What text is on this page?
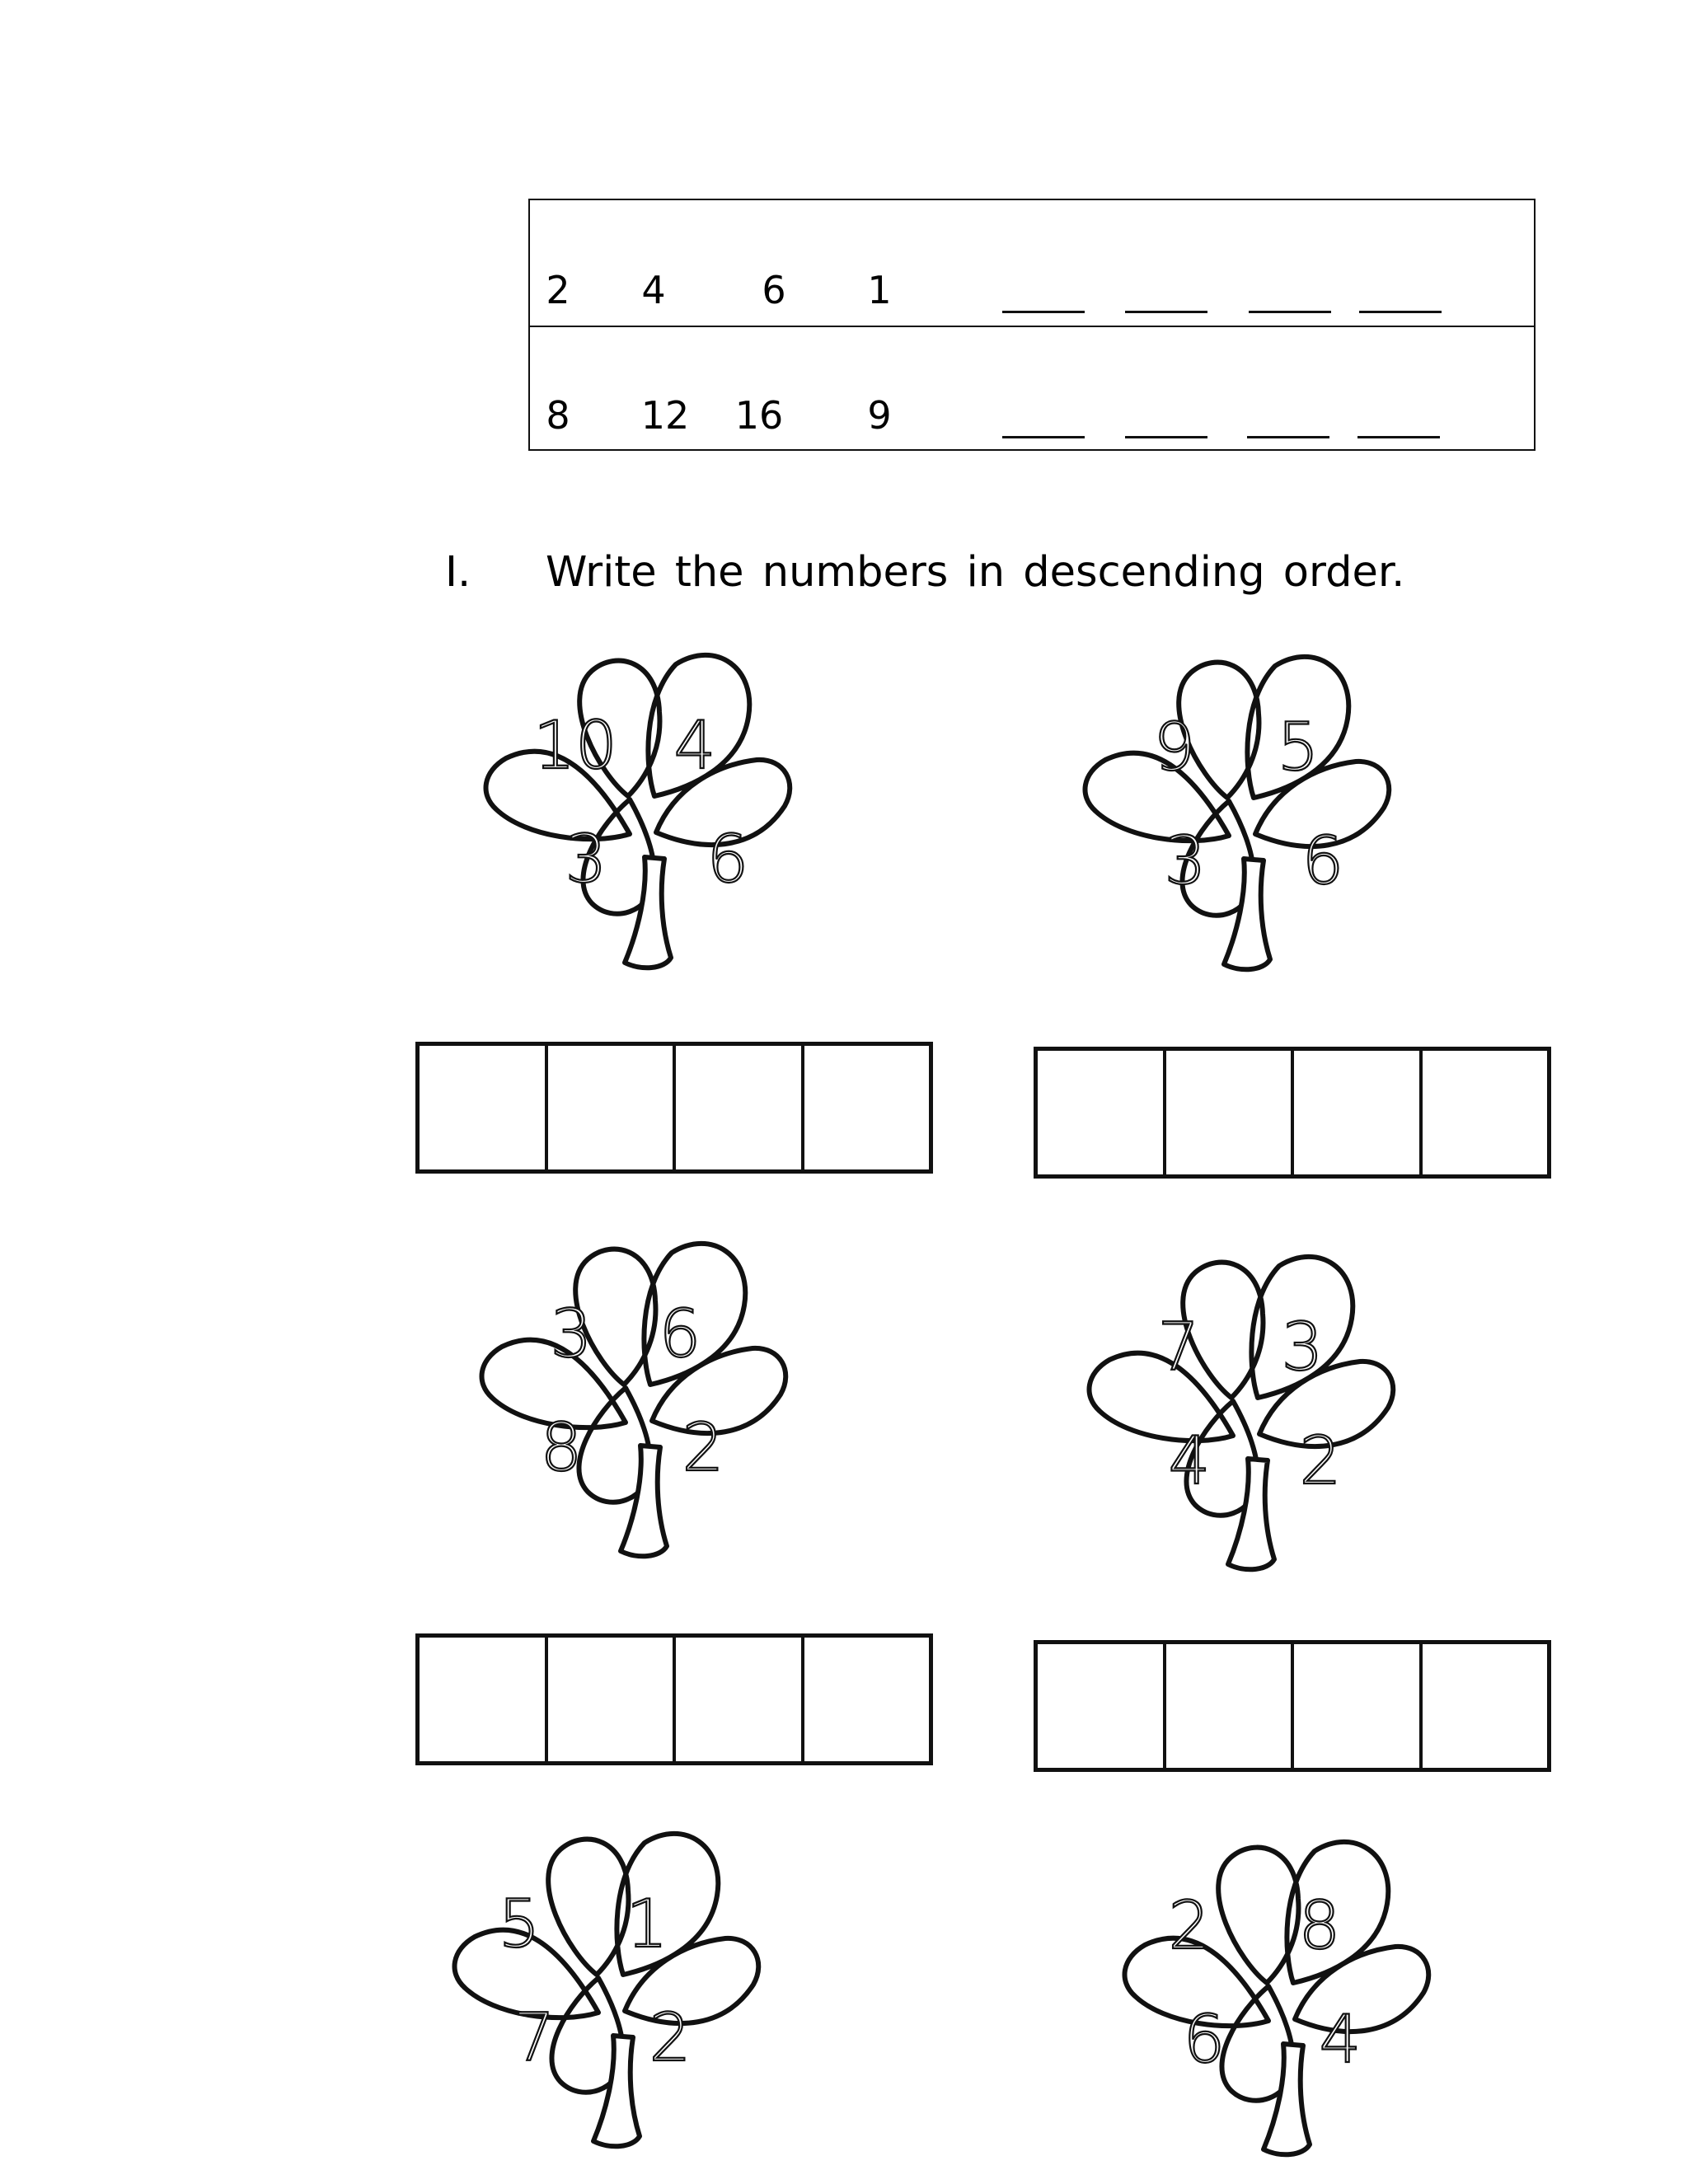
2 4	6 1
8 12 16 9
I. Write the numbers in descending order.
10 4
3 6
9 5
3 6
3 6
8 2
7 3
4 2
5 1
7 2
2 8
6 4
